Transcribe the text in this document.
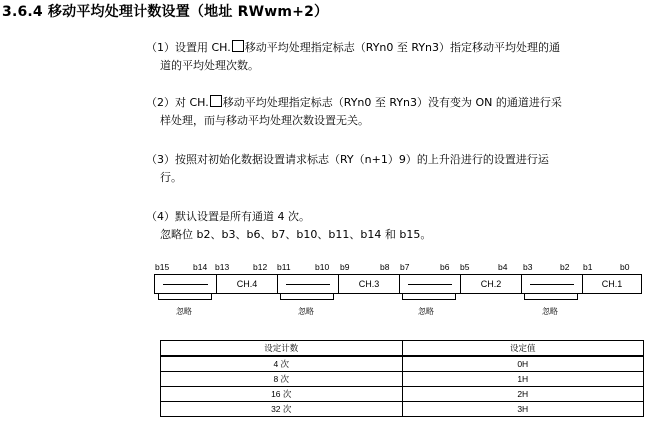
3.6.4 移动平均处理计数设置（地址 RWwm+2）
（1）设置用 CH. 移动平均处理指定标志（RYn0 至 RYn3）指定移动平均处理的通
道的平均处理次数。
（2）对 CH. 移动平均处理指定标志（RYn0 至 RYn3）没有变为 ON 的通道进行采
样处理，而与移动平均处理次数设置无关。
（3）按照对初始化数据设置请求标志（RY（n+1）9）的上升沿进行的设置进行运
行。
（4）默认设置是所有通道 4 次。
忽略位 b2、b3、b6、b7、b10、b11、b14 和 b15。
b15	b14 b13	b12 b11	b10 b9	b8 b7	b6 b5	b4 b3	b2 b1	b0
CH.4	CH.3	CH.2	CH.1
忽略	忽略	忽略	忽略
设定计数	设定值
4 次	0H
8 次	1H
16 次	2H
32 次	3H
